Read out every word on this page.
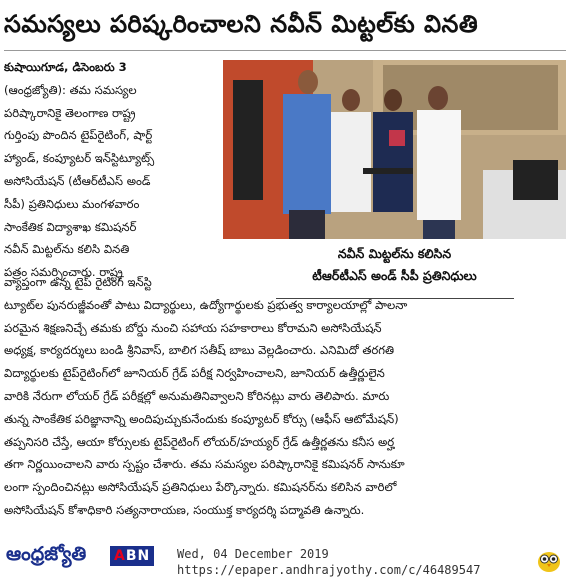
సమస్యలు పరిష్కరించాలని నవీన్ మిట్టల్‌కు వినతి
కుషాయిగూడ, డిసెంబరు 3
(ఆంధ్రజ్యోతి): తమ సమస్యల
పరిష్కారానికై తెలంగాణ రాష్ట్ర
గుర్తింపు పొందిన టైప్‌రైటింగ్, షార్ట్
హ్యాండ్, కంప్యూటర్ ఇన్‌స్టిట్యూట్స్
అసోసియేషన్ (టీఆర్‌టీఎస్ అండ్
సీపీ) ప్రతినిధులు మంగళవారం
సాంకేతిక విద్యాశాఖ కమిషనర్
నవీన్ మిట్టల్‌ను కలిసి వినతి
పత్రం సమర్పించారు. రాష్ట్ర
నవీన్ మిట్టల్‌ను కలిసిన
టీఆర్‌టీఎస్ అండ్ సీపీ ప్రతినిధులు
వ్యాప్తంగా ఉన్న టైప్ రైటింగ్ ఇన్‌స్టి
ట్యూట్‌ల పునరుజ్జీవంతో పాటు విద్యార్థులు, ఉద్యోగార్థులకు ప్రభుత్వ కార్యాలయాల్లో పాలనా
పరమైన శిక్షణనిచ్చే తమకు బోర్డు నుంచి సహాయ సహకారాలు కోరామని అసోసియేషన్
అధ్యక్ష, కార్యదర్శులు బండి శ్రీనివాస్, బాలిగ సతీష్ బాబు వెల్లడించారు. ఎనిమిదో తరగతి
విద్యార్థులకు టైప్‌రైటింగ్‌లో జూనియర్ గ్రేడ్ పరీక్ష నిర్వహించాలని, జూనియర్ ఉత్తీర్ణులైన
వారికి నేరుగా లోయర్ గ్రేడ్ పరీక్షల్లో అనుమతినివ్వాలని కోరినట్లు వారు తెలిపారు. మారు
తున్న సాంకేతిక పరిజ్ఞానాన్ని అందిపుచ్చుకునేందుకు కంప్యూటర్ కోర్సు (ఆఫీస్ ఆటోమేషన్)
తప్పనిసరి చేస్తే, ఆయా కోర్సులకు టైప్‌రైటింగ్ లోయర్/హయ్యర్ గ్రేడ్ ఉత్తీర్ణతను కనీస అర్హ
తగా నిర్ణయించాలని వారు స్పష్టం చేశారు. తమ సమస్యల పరిష్కారానికై కమిషనర్ సానుకూ
లంగా స్పందించినట్లు అసోసియేషన్ ప్రతినిధులు పేర్కొన్నారు. కమిషనర్‌ను కలిసిన వారిలో
అసోసియేషన్ కోశాధికారి సత్యనారాయణ, సంయుక్త కార్యదర్శి పద్మావతి ఉన్నారు.
ఆంధ్రజ్యోతి ABN	Wed, 04 December 2019
https://epaper.andhrajyothy.com/c/46489547
